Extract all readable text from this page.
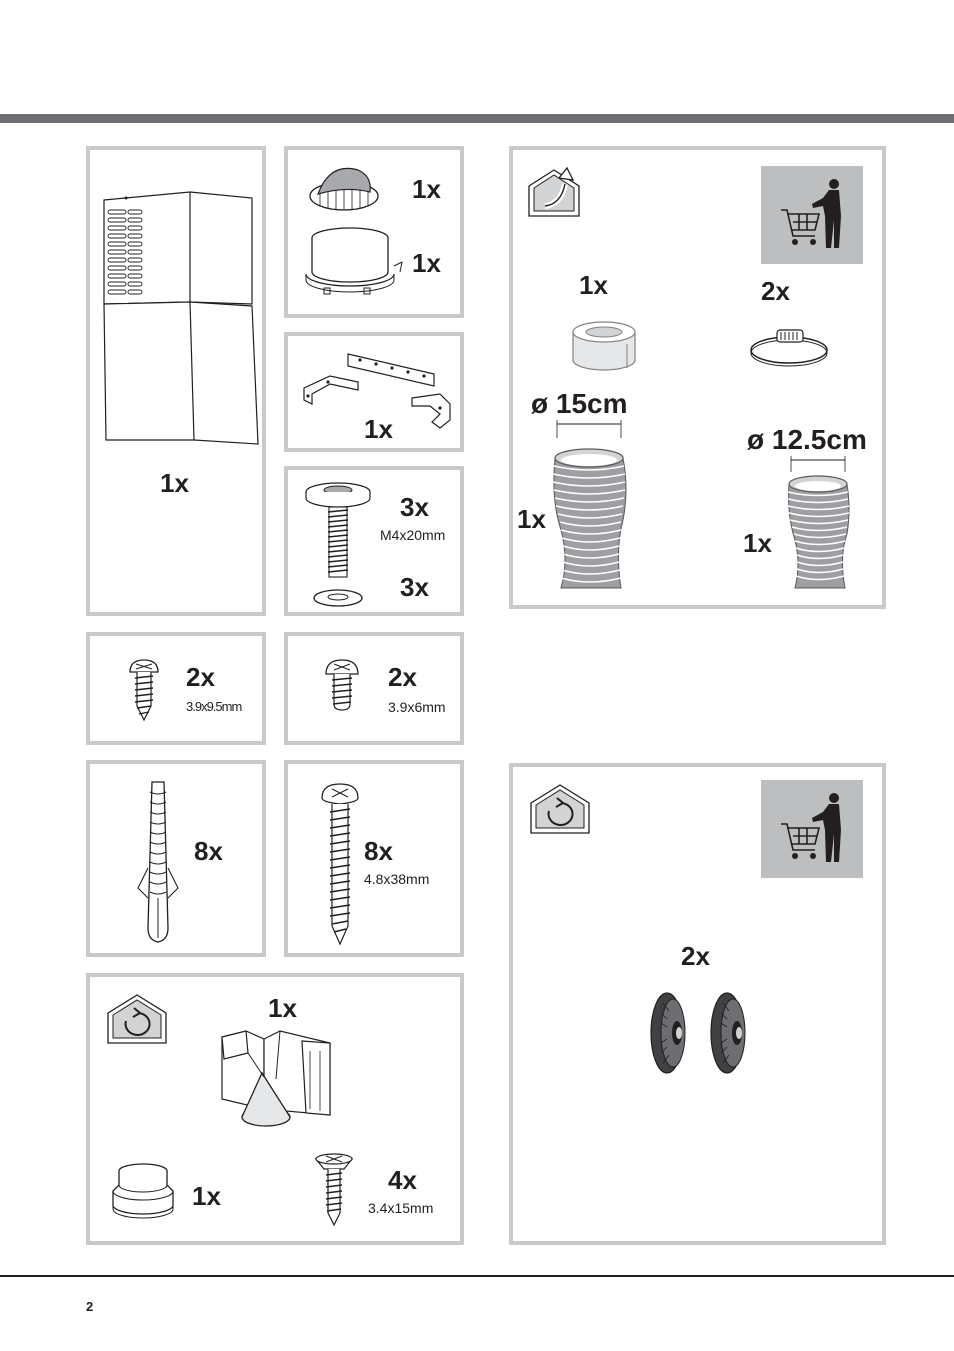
1x
1x
1x
1x
3x
M4x20mm
3x
2x
3.9x9.5mm
2x
3.9x6mm
8x	8x
4.8x38mm
1x
1x
4x
3.4x15mm
1x	2x
ø 15cm
1x
ø 12.5cm
1x
2x
2
